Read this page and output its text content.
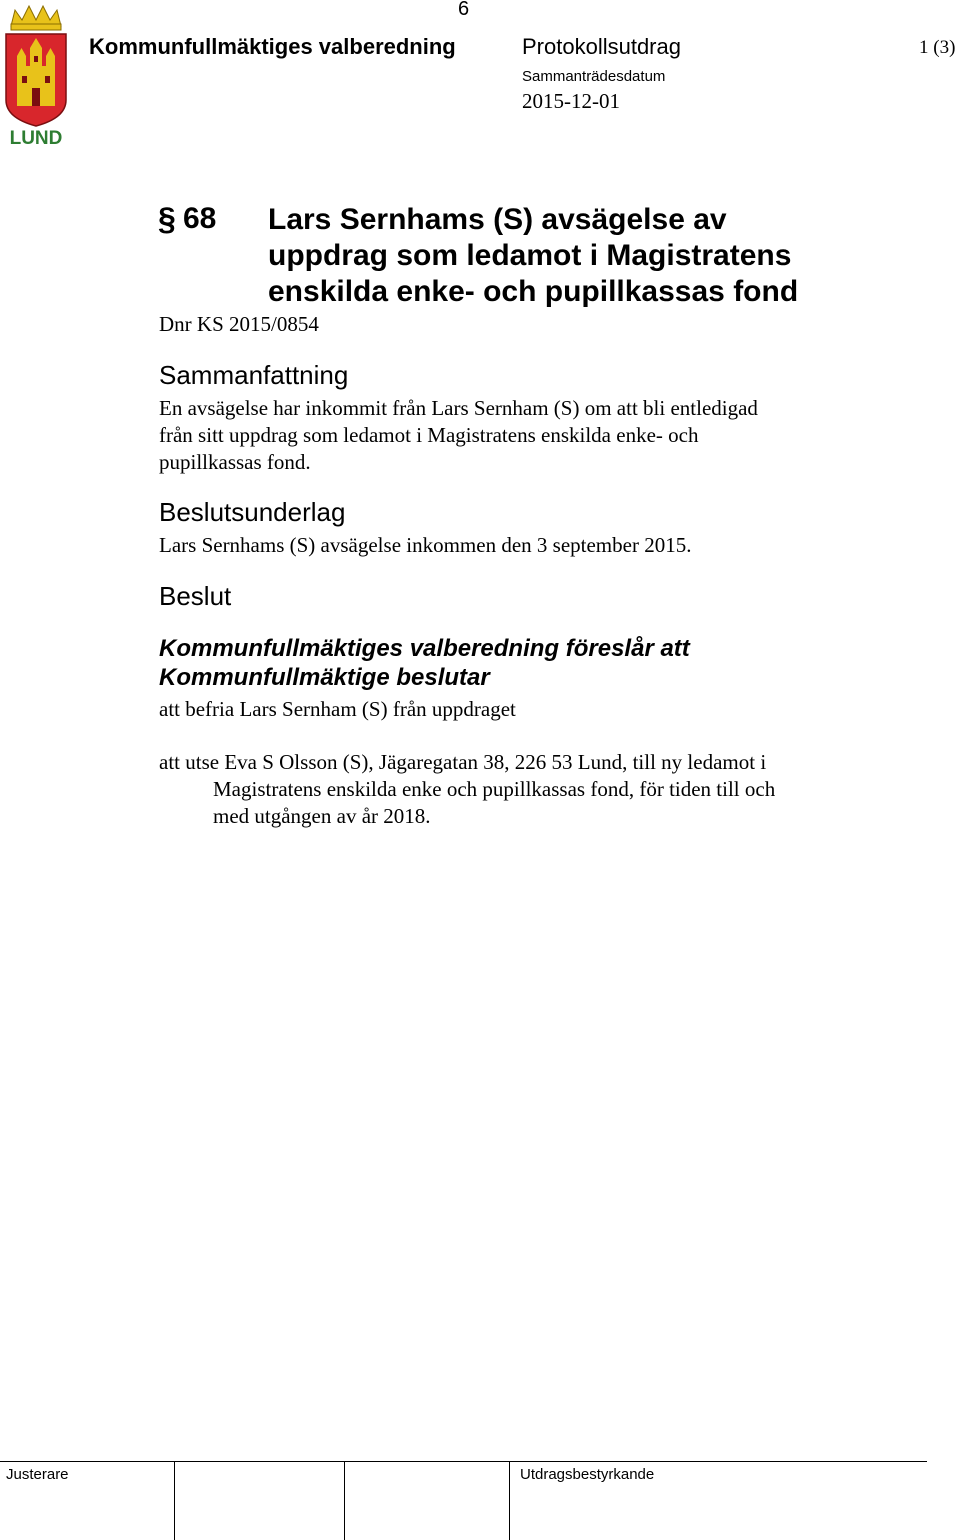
6
LUND
Kommunfullmäktiges valberedning	Protokollsutdrag	1 (3)
Sammanträdesdatum
2015-12-01
§ 68 Lars Sernhams (S) avsägelse av
uppdrag som ledamot i Magistratens
enskilda enke- och pupillkassas fond
Dnr KS 2015/0854
Sammanfattning
En avsägelse har inkommit från Lars Sernham (S) om att bli entledigad
från sitt uppdrag som ledamot i Magistratens enskilda enke- och
pupillkassas fond.
Beslutsunderlag
Lars Sernhams (S) avsägelse inkommen den 3 september 2015.
Beslut
Kommunfullmäktiges valberedning föreslår att
Kommunfullmäktige beslutar
att befria Lars Sernham (S) från uppdraget
att utse Eva S Olsson (S), Jägaregatan 38, 226 53 Lund, till ny ledamot i
Magistratens enskilda enke och pupillkassas fond, för tiden till och
med utgången av år 2018.
Justerare	Utdragsbestyrkande
